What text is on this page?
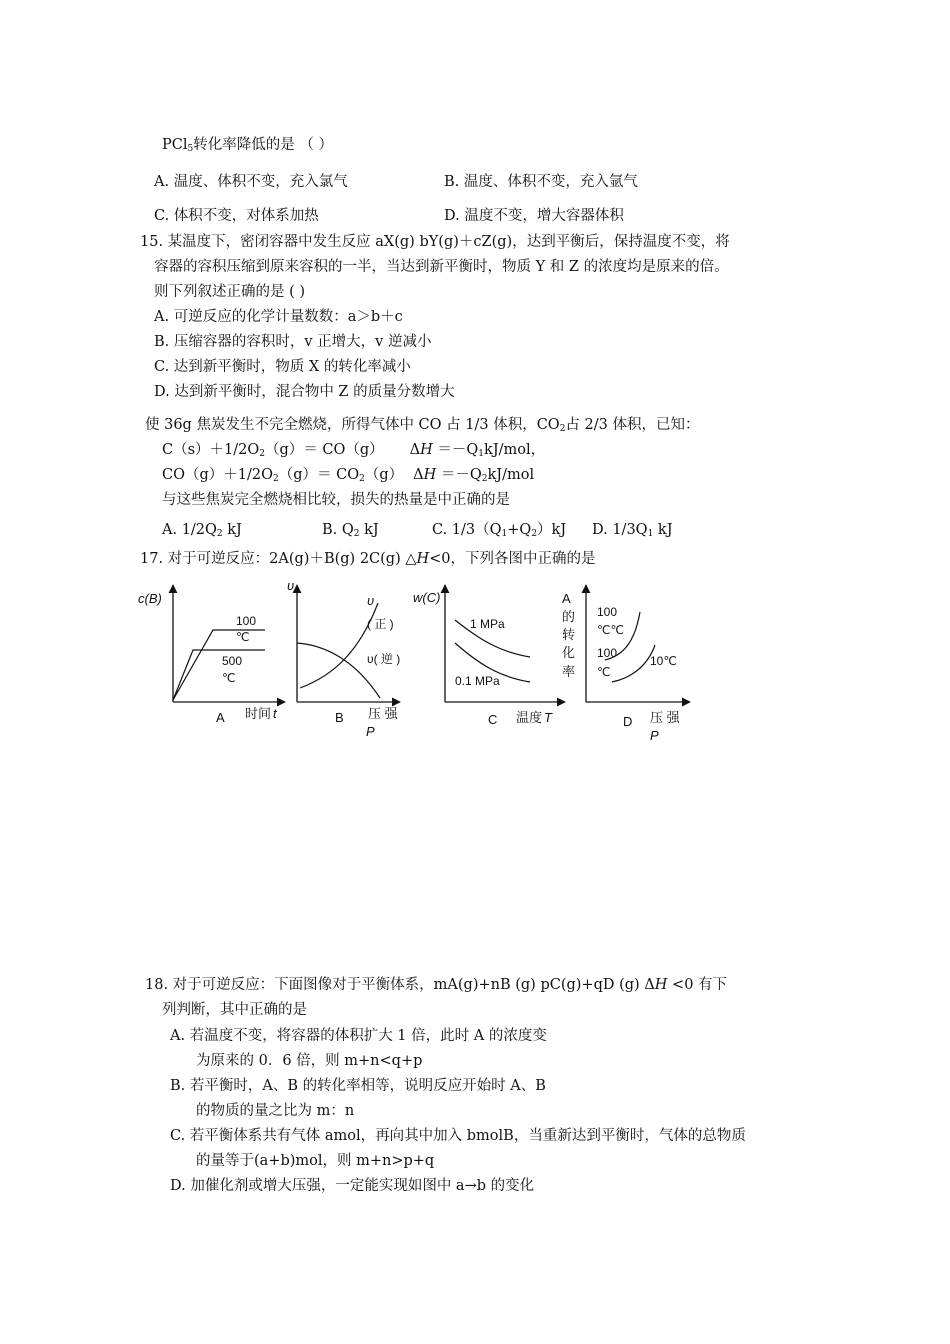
PCl$_5$转化率降低的是 （ ）
A. 温度、体积不变，充入氯气	B. 温度、体积不变，充入氩气
C. 体积不变，对体系加热	D. 温度不变，增大容器体积
15. 某温度下，密闭容器中发生反应 aX(g) bY(g)＋cZ(g)，达到平衡后，保持温度不变，将
容器的容积压缩到原来容积的一半，当达到新平衡时，物质 Y 和 Z 的浓度均是原来的倍。
则下列叙述正确的是 ( )
A. 可逆反应的化学计量数数：a＞b＋c
B. 压缩容器的容积时，v 正增大，v 逆减小
C. 达到新平衡时，物质 X 的转化率减小
D. 达到新平衡时，混合物中 Z 的质量分数增大
使 36g 焦炭发生不完全燃烧，所得气体中 CO 占 1/3 体积，$CO_2$占 2/3 体积，已知：
$C(s)+1/2O_2(g)= CO(g)$ $\Delta H =-Q_1kJ$/mol，
$CO(g)+1/2O_2(g)= CO_2(g)$ $\Delta H =-Q_2kJ$/mol
与这些焦炭完全燃烧相比较，损失的热量是中正确的是
A. $1/2Q_2$ kJ	B. $Q_2$ kJ	C. $1/3(Q_1+Q_2)kJ$ D. $1/3Q_1$ kJ
17. 对于可逆反应：2A(g)＋B(g) 2C(g) △H<0，下列各图中正确的是
c(B)
100
℃
500
℃
A 时间 t
υ
υ
( 正 )
υ( 逆 )
B 压 强
P
w(C)
1 MPa
0.1 MPa
C 温度 T
A
的
转
化
率
100
℃℃
100
℃
10℃
D 压 强
P
18. 对于可逆反应：下面图像对于平衡体系，mA(g)+nB (g) pC(g)+qD (g) ΔH <0 有下
列判断，其中正确的是
A. 若温度不变，将容器的体积扩大 1 倍，此时 A 的浓度变
为原来的 0．6 倍，则 m+n<q+p
B. 若平衡时，A、B 的转化率相等，说明反应开始时 A、B
的物质的量之比为 m：n
C. 若平衡体系共有气体 amol，再向其中加入 bmolB，当重新达到平衡时，气体的总物质
的量等于(a+b)mol，则 m+n>p+q
D. 加催化剂或增大压强，一定能实现如图中 a→b 的变化
